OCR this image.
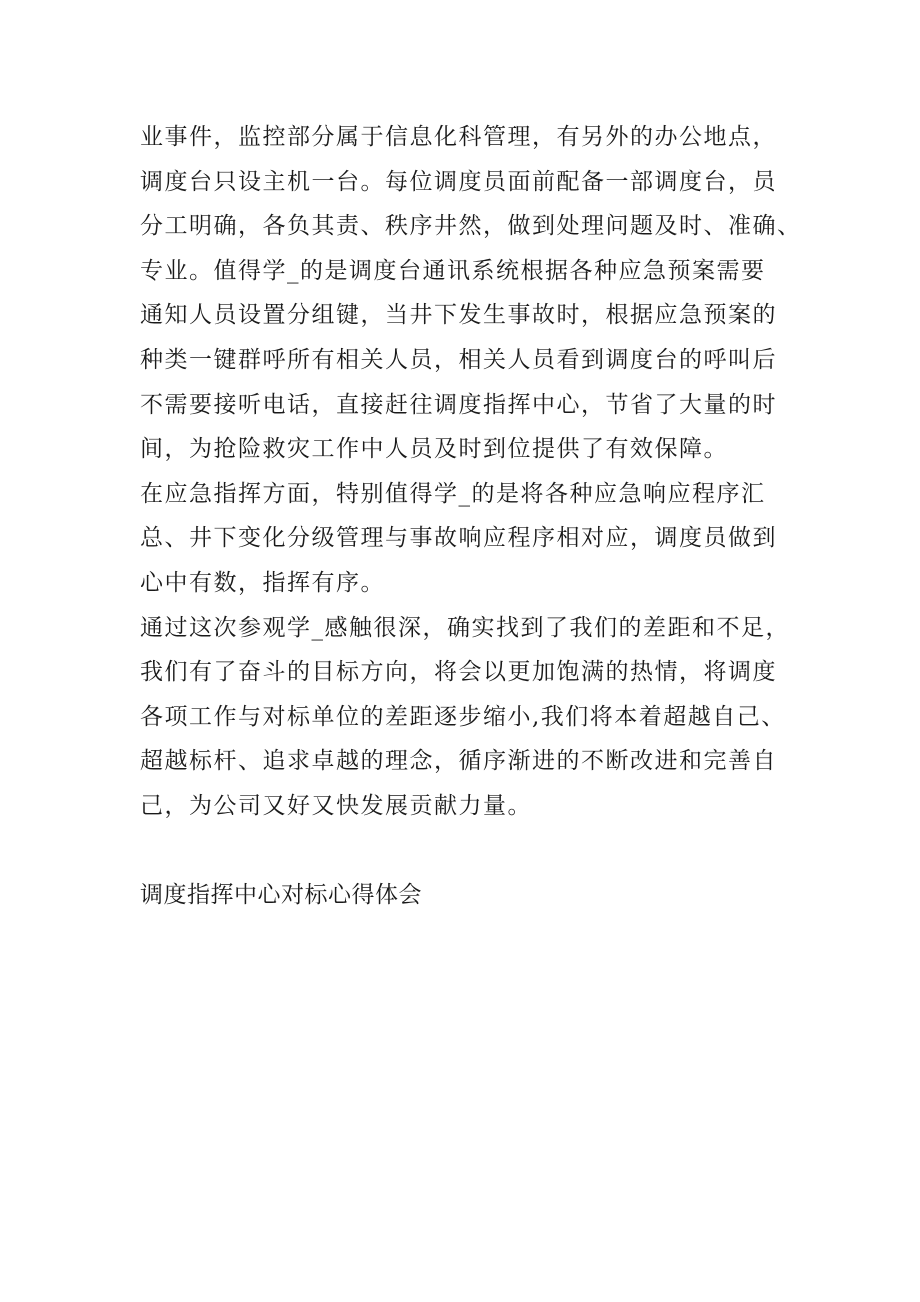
业事件，监控部分属于信息化科管理，有另外的办公地点，
调度台只设主机一台。每位调度员面前配备一部调度台，员
分工明确，各负其责、秩序井然，做到处理问题及时、准确、
专业。值得学_的是调度台通讯系统根据各种应急预案需要
通知人员设置分组键，当井下发生事故时，根据应急预案的
种类一键群呼所有相关人员，相关人员看到调度台的呼叫后
不需要接听电话，直接赶往调度指挥中心，节省了大量的时
间，为抢险救灾工作中人员及时到位提供了有效保障。
在应急指挥方面，特别值得学_的是将各种应急响应程序汇
总、井下变化分级管理与事故响应程序相对应，调度员做到
心中有数，指挥有序。
通过这次参观学_感触很深，确实找到了我们的差距和不足，
我们有了奋斗的目标方向，将会以更加饱满的热情，将调度
各项工作与对标单位的差距逐步缩小,我们将本着超越自己、
超越标杆、追求卓越的理念，循序渐进的不断改进和完善自
己，为公司又好又快发展贡献力量。
调度指挥中心对标心得体会
